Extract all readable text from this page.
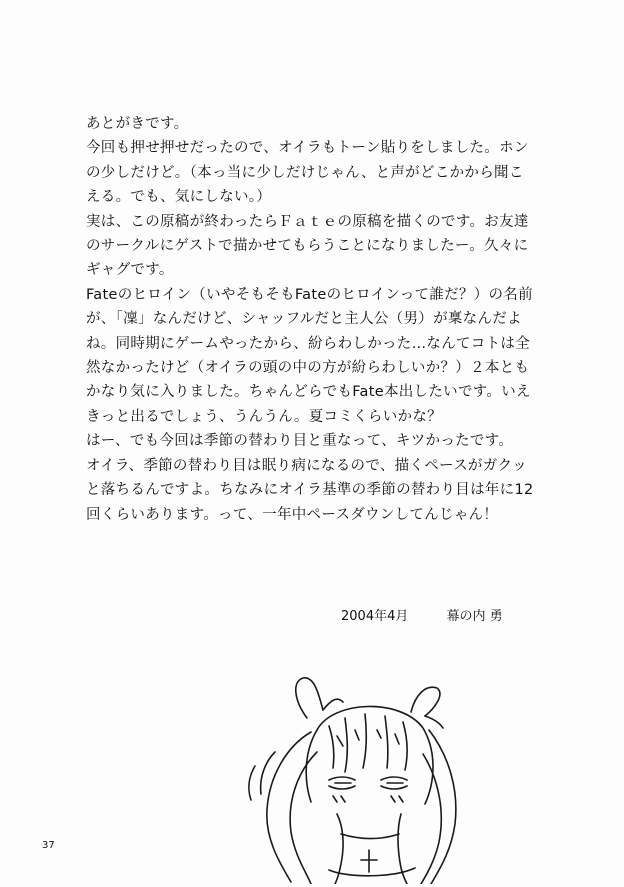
あとがきです。
今回も押せ押せだったので、オイラもトーン貼りをしました。ホン
の少しだけど。（本っ当に少しだけじゃん、と声がどこかから聞こ
える。でも、気にしない。）
実は、この原稿が終わったらＦａｔｅの原稿を描くのです。お友達
のサークルにゲストで描かせてもらうことになりましたー。久々に
ギャグです。
Fateのヒロイン（いやそもそもFateのヒロインって誰だ？）の名前
が、「凜」なんだけど、シャッフルだと主人公（男）が稟なんだよ
ね。同時期にゲームやったから、紛らわしかった…なんてコトは全
然なかったけど（オイラの頭の中の方が紛らわしいか？）２本とも
かなり気に入りました。ちゃんどらでもFate本出したいです。いえ
きっと出るでしょう、うんうん。夏コミくらいかな？
はー、でも今回は季節の替わり目と重なって、キツかったです。
オイラ、季節の替わり目は眠り病になるので、描くペースがガクッ
と落ちるんですよ。ちなみにオイラ基準の季節の替わり目は年に12
回くらいあります。って、一年中ペースダウンしてんじゃん！
2004年4月	幕の内 勇
37
